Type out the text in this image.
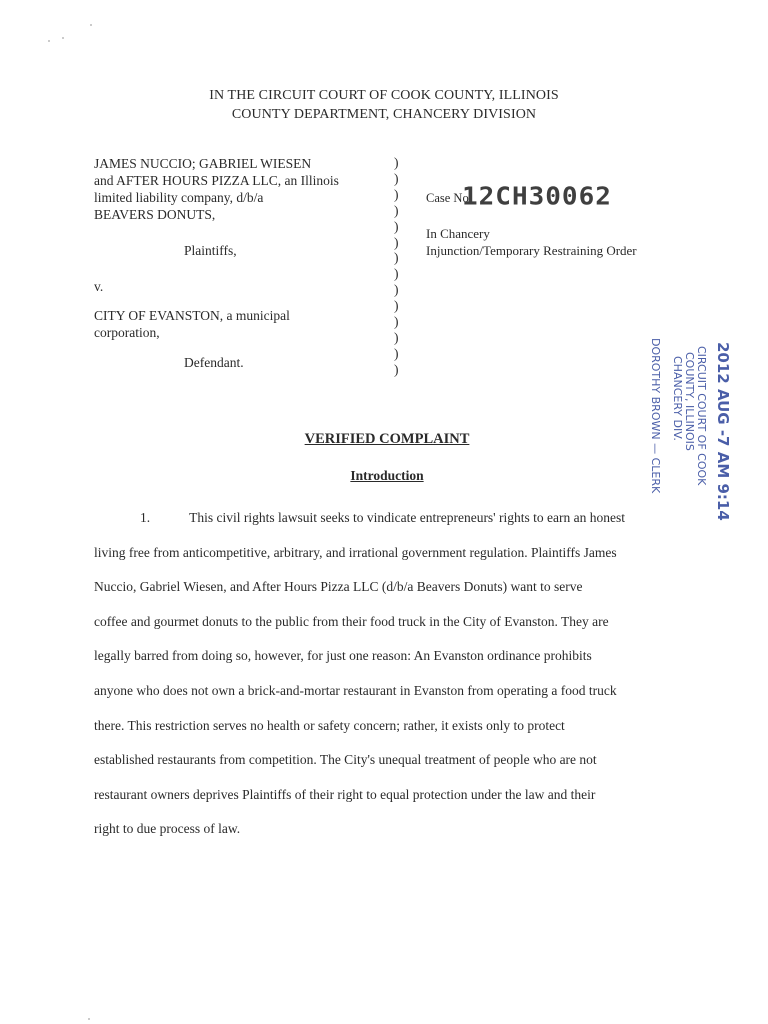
IN THE CIRCUIT COURT OF COOK COUNTY, ILLINOIS
COUNTY DEPARTMENT, CHANCERY DIVISION
JAMES NUCCIO; GABRIEL WIESEN
and AFTER HOURS PIZZA LLC, an Illinois
limited liability company, d/b/a
BEAVERS DONUTS,
Plaintiffs,
v.
CITY OF EVANSTON, a municipal
corporation,
Defendant.
)
)
)
)
)
)
)
)
)
)
)
)
)
)
Case No.
12CH30062
In Chancery
Injunction/Temporary Restraining Order
2012 AUG -7 AM 9:14
CIRCUIT COURT OF COOK
COUNTY, ILLINOIS
CHANCERY DIV.
DOROTHY BROWN — CLERK
VERIFIED COMPLAINT
Introduction
1.	This civil rights lawsuit seeks to vindicate entrepreneurs' rights to earn an honest
living free from anticompetitive, arbitrary, and irrational government regulation. Plaintiffs James
Nuccio, Gabriel Wiesen, and After Hours Pizza LLC (d/b/a Beavers Donuts) want to serve
coffee and gourmet donuts to the public from their food truck in the City of Evanston. They are
legally barred from doing so, however, for just one reason: An Evanston ordinance prohibits
anyone who does not own a brick-and-mortar restaurant in Evanston from operating a food truck
there. This restriction serves no health or safety concern; rather, it exists only to protect
established restaurants from competition. The City's unequal treatment of people who are not
restaurant owners deprives Plaintiffs of their right to equal protection under the law and their
right to due process of law.
